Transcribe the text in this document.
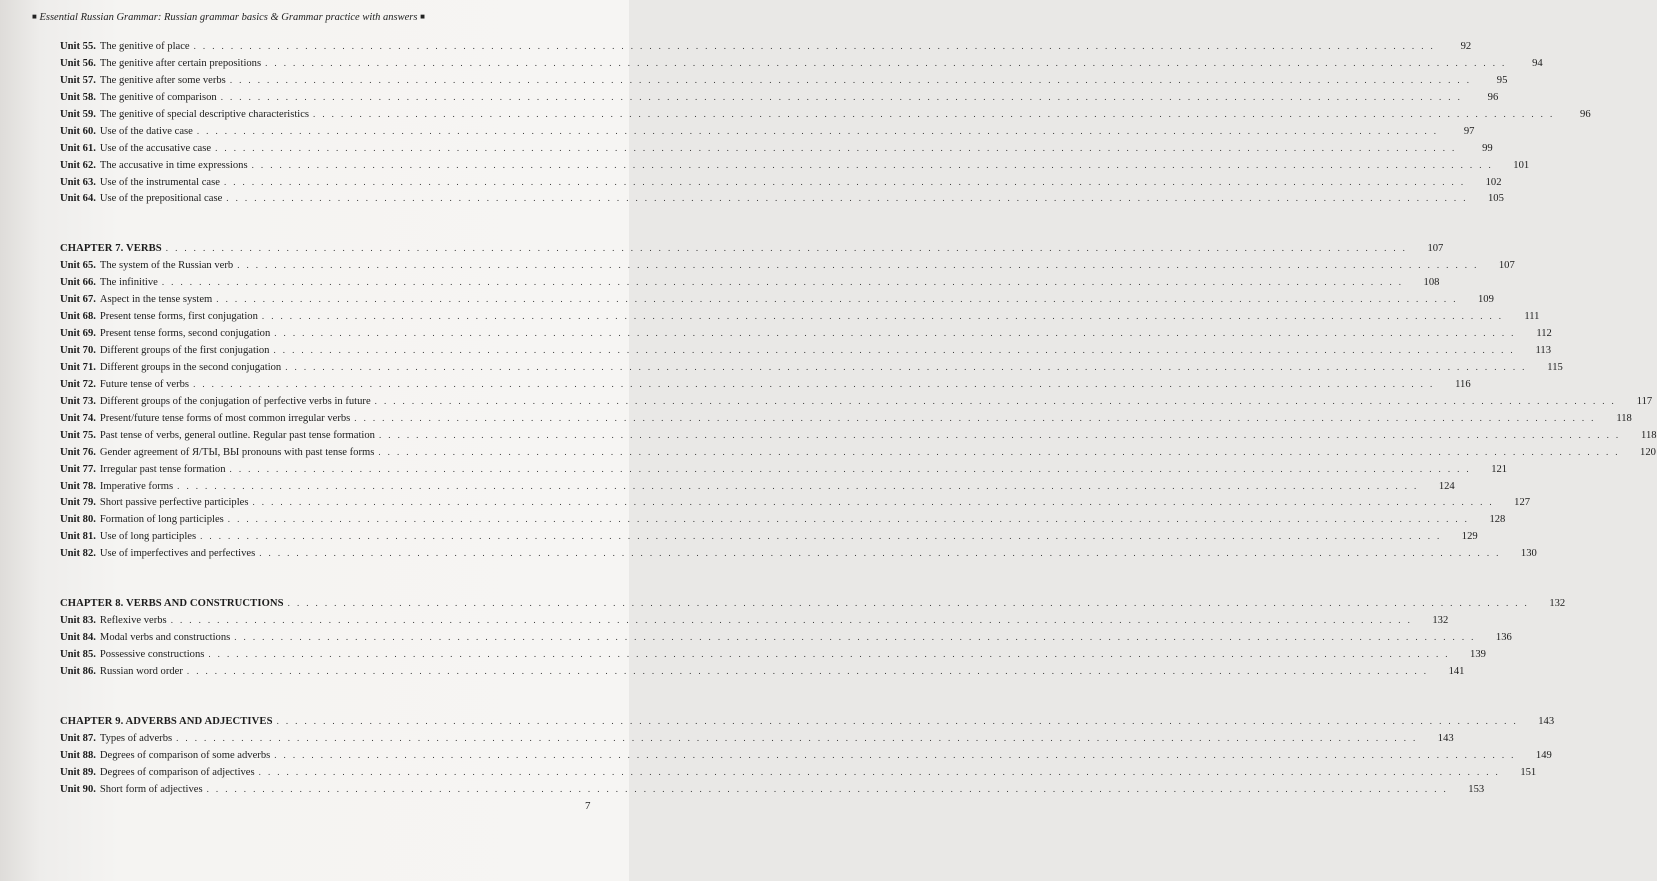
■ Essential Russian Grammar: Russian grammar basics & Grammar practice with answers ■
Unit 55. The genitive of place . . .	92
Unit 56. The genitive after certain prepositions . . .	94
Unit 57. The genitive after some verbs . . .	95
Unit 58. The genitive of comparison . . .	96
Unit 59. The genitive of special descriptive characteristics . . .	96
Unit 60. Use of the dative case . . .	97
Unit 61. Use of the accusative case . . .	99
Unit 62. The accusative in time expressions . . .	101
Unit 63. Use of the instrumental case . . .	102
Unit 64. Use of the prepositional case . . .	105
CHAPTER 7. VERBS . . .	107
Unit 65. The system of the Russian verb . . .	107
Unit 66. The infinitive . . .	108
Unit 67. Aspect in the tense system . . .	109
Unit 68. Present tense forms, first conjugation . . .	111
Unit 69. Present tense forms, second conjugation . . .	112
Unit 70. Different groups of the first conjugation . . .	113
Unit 71. Different groups in the second conjugation . . .	115
Unit 72. Future tense of verbs . . .	116
Unit 73. Different groups of the conjugation of perfective verbs in future . . .	117
Unit 74. Present/future tense forms of most common irregular verbs . . .	118
Unit 75. Past tense of verbs, general outline. Regular past tense formation . . .	118
Unit 76. Gender agreement of Я/ТЫ, ВЫ pronouns with past tense forms . . .	120
Unit 77. Irregular past tense formation . . .	121
Unit 78. Imperative forms . . .	124
Unit 79. Short passive perfective participles . . .	127
Unit 80. Formation of long participles . . .	128
Unit 81. Use of long participles . . .	129
Unit 82. Use of imperfectives and perfectives . . .	130
CHAPTER 8. VERBS AND CONSTRUCTIONS . . .	132
Unit 83. Reflexive verbs . . .	132
Unit 84. Modal verbs and constructions . . .	136
Unit 85. Possessive constructions . . .	139
Unit 86. Russian word order . . .	141
CHAPTER 9. ADVERBS AND ADJECTIVES . . .	143
Unit 87. Types of adverbs . . .	143
Unit 88. Degrees of comparison of some adverbs . . .	149
Unit 89. Degrees of comparison of adjectives . . .	151
Unit 90. Short form of adjectives . . .	153
7
